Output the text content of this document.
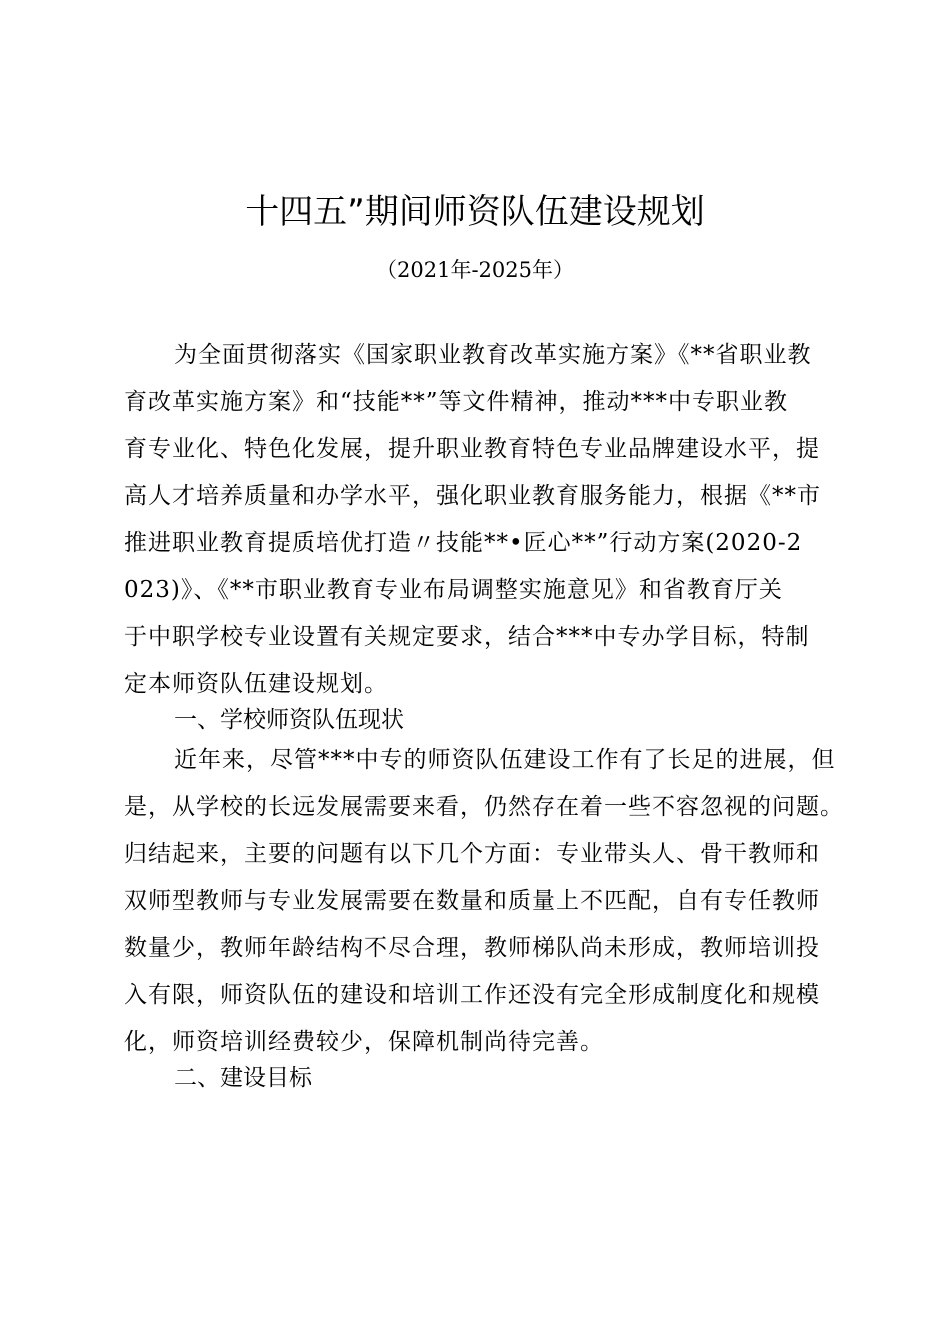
十四五”期间师资队伍建设规划
（2021年-2025年）
为全面贯彻落实《国家职业教育改革实施方案》《**省职业教
育改革实施方案》和“技能**”等文件精神，推动***中专职业教
育专业化、特色化发展，提升职业教育特色专业品牌建设水平，提
高人才培养质量和办学水平，强化职业教育服务能力，根据《**市
推进职业教育提质培优打造〃技能**•匠心**”行动方案(2020-2
023)》、《**市职业教育专业布局调整实施意见》和省教育厅关
于中职学校专业设置有关规定要求，结合***中专办学目标，特制
定本师资队伍建设规划。
一、学校师资队伍现状
近年来，尽管***中专的师资队伍建设工作有了长足的进展，但
是，从学校的长远发展需要来看，仍然存在着一些不容忽视的问题。
归结起来，主要的问题有以下几个方面：专业带头人、骨干教师和
双师型教师与专业发展需要在数量和质量上不匹配，自有专任教师
数量少，教师年龄结构不尽合理，教师梯队尚未形成，教师培训投
入有限，师资队伍的建设和培训工作还没有完全形成制度化和规模
化，师资培训经费较少，保障机制尚待完善。
二、建设目标
